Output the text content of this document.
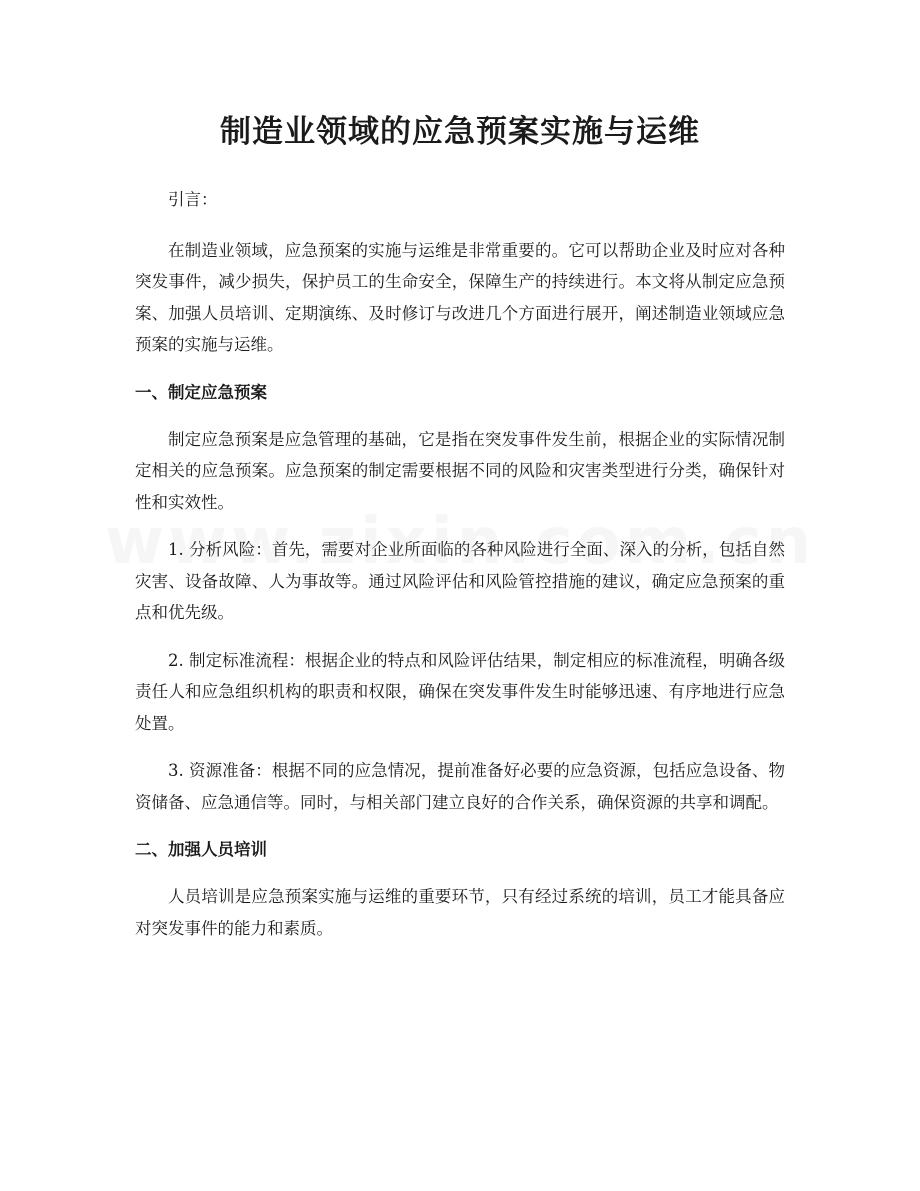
制造业领域的应急预案实施与运维

引言：

在制造业领域，应急预案的实施与运维是非常重要的。它可以帮助企业及时应对各种突发事件，减少损失，保护员工的生命安全，保障生产的持续进行。本文将从制定应急预案、加强人员培训、定期演练、及时修订与改进几个方面进行展开，阐述制造业领域应急预案的实施与运维。

一、制定应急预案

制定应急预案是应急管理的基础，它是指在突发事件发生前，根据企业的实际情况制定相关的应急预案。应急预案的制定需要根据不同的风险和灾害类型进行分类，确保针对性和实效性。

1. 分析风险：首先，需要对企业所面临的各种风险进行全面、深入的分析，包括自然灾害、设备故障、人为事故等。通过风险评估和风险管控措施的建议，确定应急预案的重点和优先级。

2. 制定标准流程：根据企业的特点和风险评估结果，制定相应的标准流程，明确各级责任人和应急组织机构的职责和权限，确保在突发事件发生时能够迅速、有序地进行应急处置。

3. 资源准备：根据不同的应急情况，提前准备好必要的应急资源，包括应急设备、物资储备、应急通信等。同时，与相关部门建立良好的合作关系，确保资源的共享和调配。

二、加强人员培训

人员培训是应急预案实施与运维的重要环节，只有经过系统的培训，员工才能具备应对突发事件的能力和素质。
